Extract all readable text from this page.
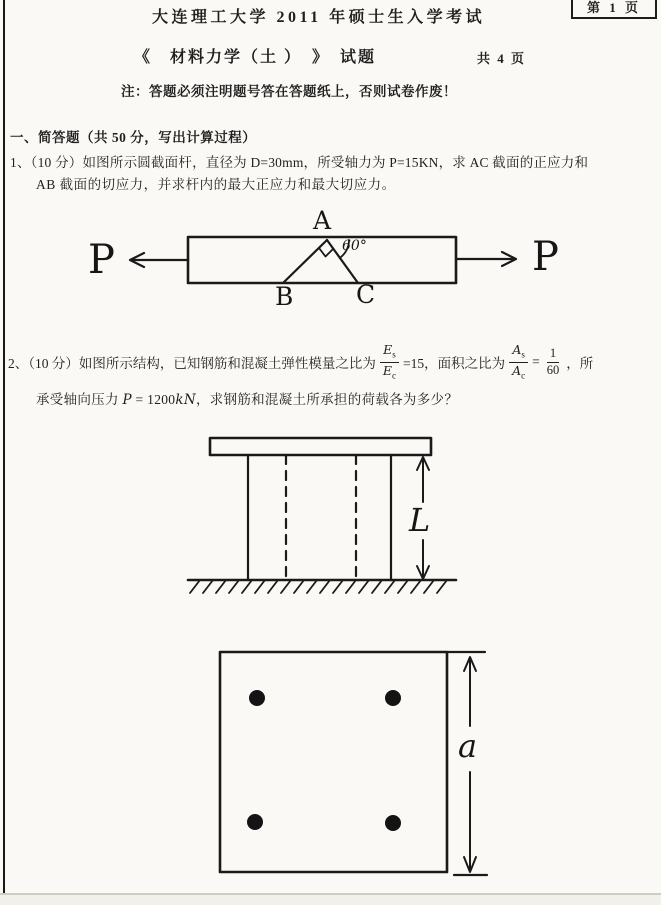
第 1 页
大连理工大学 2011 年硕士生入学考试
《　材料力学（土 ）　》　试题	共 4 页
注：答题必须注明题号答在答题纸上，否则试卷作废！
一、简答题（共 50 分，写出计算过程）
1、（10 分）如图所示圆截面杆，直径为 D=30mm，所受轴力为 P=15KN，求 AC 截面的正应力和
AB 截面的切应力，并求杆内的最大正应力和最大切应力。
P	P
A
B	C
60°
2、（10 分）如图所示结构，已知钢筋和混凝土弹性模量之比为 $\frac{E_s}{E_c} =15$，面积之比为 $\frac{A_s}{A_c} = \frac{1}{60}$ ，所
承受轴向压力 P = 1200kN，求钢筋和混凝土所承担的荷载各为多少？
L
a
